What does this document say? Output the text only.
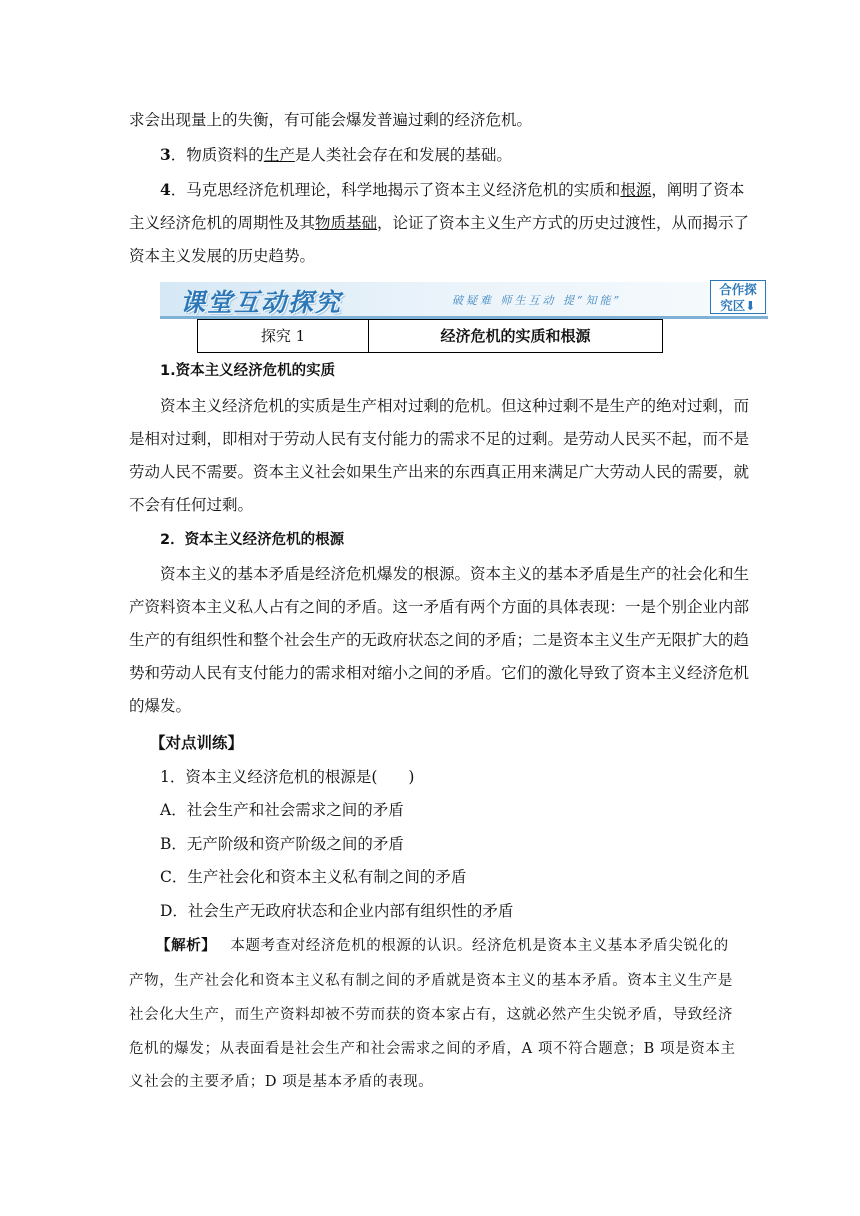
求会出现量上的失衡，有可能会爆发普遍过剩的经济危机。
3．物质资料的生产是人类社会存在和发展的基础。
4．马克思经济危机理论，科学地揭示了资本主义经济危机的实质和根源，阐明了资本
主义经济危机的周期性及其物质基础，论证了资本主义生产方式的历史过渡性，从而揭示了
资本主义发展的历史趋势。
课堂互动探究	破疑难 师生互动 提“知能”
合作探
究区⬇
探究 1	经济危机的实质和根源
1.资本主义经济危机的实质
资本主义经济危机的实质是生产相对过剩的危机。但这种过剩不是生产的绝对过剩，而
是相对过剩，即相对于劳动人民有支付能力的需求不足的过剩。是劳动人民买不起，而不是
劳动人民不需要。资本主义社会如果生产出来的东西真正用来满足广大劳动人民的需要，就
不会有任何过剩。
2．资本主义经济危机的根源
资本主义的基本矛盾是经济危机爆发的根源。资本主义的基本矛盾是生产的社会化和生
产资料资本主义私人占有之间的矛盾。这一矛盾有两个方面的具体表现：一是个别企业内部
生产的有组织性和整个社会生产的无政府状态之间的矛盾；二是资本主义生产无限扩大的趋
势和劳动人民有支付能力的需求相对缩小之间的矛盾。它们的激化导致了资本主义经济危机
的爆发。
【对点训练】
1．资本主义经济危机的根源是(　　)
A．社会生产和社会需求之间的矛盾
B．无产阶级和资产阶级之间的矛盾
C．生产社会化和资本主义私有制之间的矛盾
D．社会生产无政府状态和企业内部有组织性的矛盾
【解析】 本题考查对经济危机的根源的认识。经济危机是资本主义基本矛盾尖锐化的
产物，生产社会化和资本主义私有制之间的矛盾就是资本主义的基本矛盾。资本主义生产是
社会化大生产，而生产资料却被不劳而获的资本家占有，这就必然产生尖锐矛盾，导致经济
危机的爆发；从表面看是社会生产和社会需求之间的矛盾，A 项不符合题意；B 项是资本主
义社会的主要矛盾；D 项是基本矛盾的表现。
